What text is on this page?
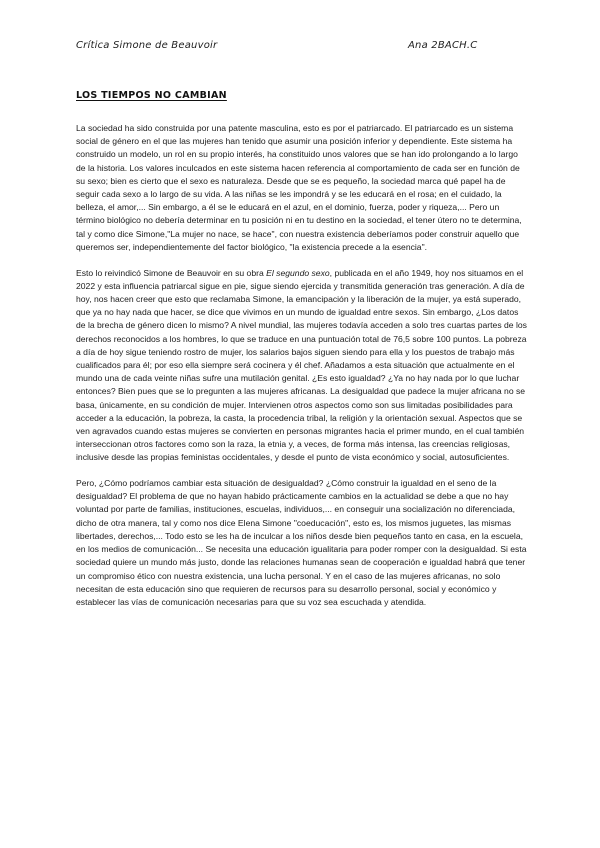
Crítica Simone de Beauvoir	Ana 2BACH.C
LOS TIEMPOS NO CAMBIAN

La sociedad ha sido construida por una patente masculina, esto es por el patriarcado. El patriarcado es un sistema social de género en el que las mujeres han tenido que asumir una posición inferior y dependiente. Este sistema ha construido un modelo, un rol en su propio interés, ha constituido unos valores que se han ido prolongando a lo largo de la historia. Los valores inculcados en este sistema hacen referencia al comportamiento de cada ser en función de su sexo; bien es cierto que el sexo es naturaleza. Desde que se es pequeño, la sociedad marca qué papel ha de seguir cada sexo a lo largo de su vida. A las niñas se les impondrá y se les educará en el rosa; en el cuidado, la belleza, el amor,... Sin embargo, a él se le educará en el azul, en el dominio, fuerza, poder y riqueza,... Pero un término biológico no debería determinar en tu posición ni en tu destino en la sociedad, el tener útero no te determina, tal y como dice Simone,"La mujer no nace, se hace", con nuestra existencia deberíamos poder construir aquello que queremos ser, independientemente del factor biológico, "la existencia precede a la esencia".

Esto lo reivindicó Simone de Beauvoir en su obra El segundo sexo, publicada en el año 1949, hoy nos situamos en el 2022 y esta influencia patriarcal sigue en pie, sigue siendo ejercida y transmitida generación tras generación. A día de hoy, nos hacen creer que esto que reclamaba Simone, la emancipación y la liberación de la mujer, ya está superado, que ya no hay nada que hacer, se dice que vivimos en un mundo de igualdad entre sexos. Sin embargo, ¿Los datos de la brecha de género dicen lo mismo? A nivel mundial, las mujeres todavía acceden a solo tres cuartas partes de los derechos reconocidos a los hombres, lo que se traduce en una puntuación total de 76,5 sobre 100 puntos. La pobreza a día de hoy sigue teniendo rostro de mujer, los salarios bajos siguen siendo para ella y los puestos de trabajo más cualificados para él; por eso ella siempre será cocinera y él chef. Añadamos a esta situación que actualmente en el mundo una de cada veinte niñas sufre una mutilación genital. ¿Es esto igualdad? ¿Ya no hay nada por lo que luchar entonces? Bien pues que se lo pregunten a las mujeres africanas. La desigualdad que padece la mujer africana no se basa, únicamente, en su condición de mujer. Intervienen otros aspectos como son sus limitadas posibilidades para acceder a la educación, la pobreza, la casta, la procedencia tribal, la religión y la orientación sexual. Aspectos que se ven agravados cuando estas mujeres se convierten en personas migrantes hacia el primer mundo, en el cual también interseccionan otros factores como son la raza, la etnia y, a veces, de forma más intensa, las creencias religiosas, inclusive desde las propias feministas occidentales, y desde el punto de vista económico y social, autosuficientes.

Pero, ¿Cómo podríamos cambiar esta situación de desigualdad? ¿Cómo construir la igualdad en el seno de la desigualdad? El problema de que no hayan habido prácticamente cambios en la actualidad se debe a que no hay voluntad por parte de familias, instituciones, escuelas, individuos,... en conseguir una socialización no diferenciada, dicho de otra manera, tal y como nos dice Elena Simone "coeducación", esto es, los mismos juguetes, las mismas libertades, derechos,... Todo esto se les ha de inculcar a los niños desde bien pequeños tanto en casa, en la escuela, en los medios de comunicación... Se necesita una educación igualitaria para poder romper con la desigualdad. Si esta sociedad quiere un mundo más justo, donde las relaciones humanas sean de cooperación e igualdad habrá que tener un compromiso ético con nuestra existencia, una lucha personal. Y en el caso de las mujeres africanas, no solo necesitan de esta educación sino que requieren de recursos para su desarrollo personal, social y económico y establecer las vías de comunicación necesarias para que su voz sea escuchada y atendida.
